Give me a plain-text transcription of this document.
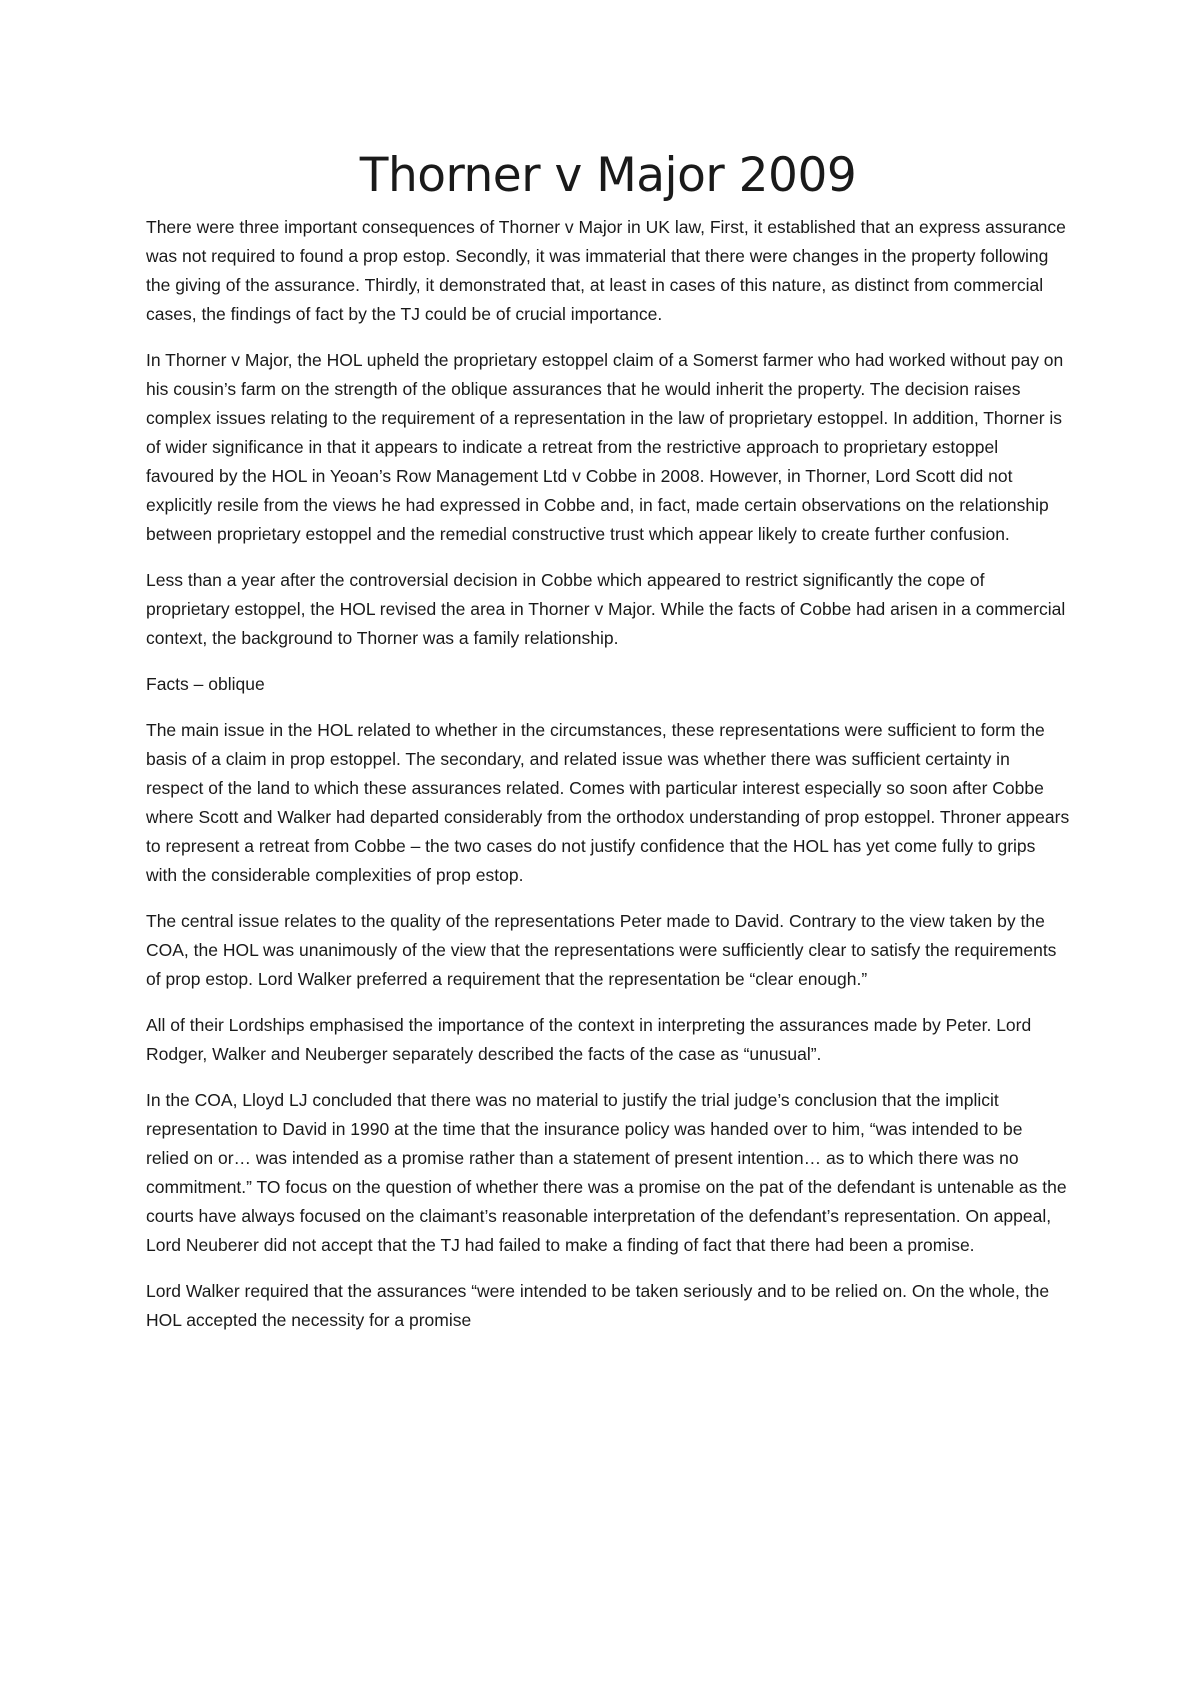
Thorner v Major 2009

There were three important consequences of Thorner v Major in UK law, First, it established that an express assurance was not required to found a prop estop. Secondly, it was immaterial that there were changes in the property following the giving of the assurance. Thirdly, it demonstrated that, at least in cases of this nature, as distinct from commercial cases, the findings of fact by the TJ could be of crucial importance.

In Thorner v Major, the HOL upheld the proprietary estoppel claim of a Somerst farmer who had worked without pay on his cousin’s farm on the strength of the oblique assurances that he would inherit the property. The decision raises complex issues relating to the requirement of a representation in the law of proprietary estoppel. In addition, Thorner is of wider significance in that it appears to indicate a retreat from the restrictive approach to proprietary estoppel favoured by the HOL in Yeoan’s Row Management Ltd v Cobbe in 2008. However, in Thorner, Lord Scott did not explicitly resile from the views he had expressed in Cobbe and, in fact, made certain observations on the relationship between proprietary estoppel and the remedial constructive trust which appear likely to create further confusion.

Less than a year after the controversial decision in Cobbe which appeared to restrict significantly the cope of proprietary estoppel, the HOL revised the area in Thorner v Major. While the facts of Cobbe had arisen in a commercial context, the background to Thorner was a family relationship.

Facts – oblique

The main issue in the HOL related to whether in the circumstances, these representations were sufficient to form the basis of a claim in prop estoppel. The secondary, and related issue was whether there was sufficient certainty in respect of the land to which these assurances related. Comes with particular interest especially so soon after Cobbe where Scott and Walker had departed considerably from the orthodox understanding of prop estoppel. Throner appears to represent a retreat from Cobbe – the two cases do not justify confidence that the HOL has yet come fully to grips with the considerable complexities of prop estop.

The central issue relates to the quality of the representations Peter made to David. Contrary to the view taken by the COA, the HOL was unanimously of the view that the representations were sufficiently clear to satisfy the requirements of prop estop. Lord Walker preferred a requirement that the representation be “clear enough.”

All of their Lordships emphasised the importance of the context in interpreting the assurances made by Peter. Lord Rodger, Walker and Neuberger separately described the facts of the case as “unusual”.

In the COA, Lloyd LJ concluded that there was no material to justify the trial judge’s conclusion that the implicit representation to David in 1990 at the time that the insurance policy was handed over to him, “was intended to be relied on or… was intended as a promise rather than a statement of present intention… as to which there was no commitment.” TO focus on the question of whether there was a promise on the pat of the defendant is untenable as the courts have always focused on the claimant’s reasonable interpretation of the defendant’s representation. On appeal, Lord Neuberer did not accept that the TJ had failed to make a finding of fact that there had been a promise.

Lord Walker required that the assurances “were intended to be taken seriously and to be relied on. On the whole, the HOL accepted the necessity for a promise
